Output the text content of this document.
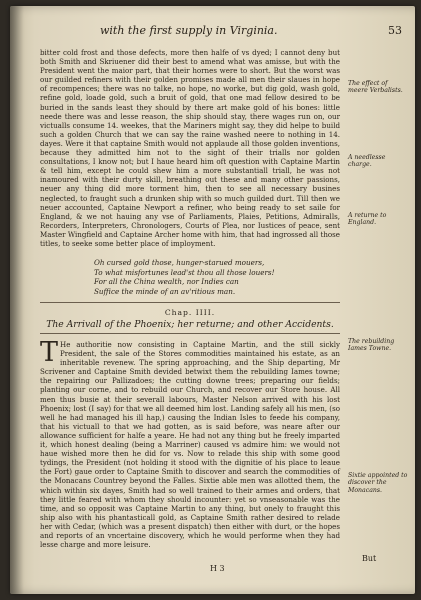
with the first supply in Virginia.	53

bitter cold frost and those defects, more then halfe of vs dyed; I cannot deny but both Smith and Skriuener did their best to amend what was amisse, but with the President went the maior part, that their hornes were to short. But the worst was our guilded refiners with their golden promises made all men their slaues in hope of recompences; there was no talke, no hope, no worke, but dig gold, wash gold, refine gold, loade gold, such a bruit of gold, that one mad fellow desired to be buried in the sands least they should by there art make gold of his bones: little neede there was and lesse reason, the ship should stay, there wages run on, our victualls consume 14. weekes, that the Mariners might say, they did helpe to build such a golden Church that we can say the raine washed neere to nothing in 14. dayes. Were it that captaine Smith would not applaude all those golden inventions, because they admitted him not to the sight of their trialls nor golden consultations, I know not; but I haue heard him oft question with Captaine Martin & tell him, except he could shew him a more substantiall triall, he was not inamoured with their durty skill, breathing out these and many other passions, neuer any thing did more torment him, then to see all necessary busines neglected, to fraught such a drunken ship with so much guilded durt. Till then we neuer accounted, Captaine Newport a refiner, who being ready to set saile for England, & we not hauing any vse of Parliaments, Plaies, Petitions, Admiralls, Recorders, Interpreters, Chronologers, Courts of Plea, nor Iustices of peace, sent Master Wingfield and Captaine Archer home with him, that had ingrossed all those titles, to seeke some better place of imployment.

Oh cursed gold those, hunger-starued mouers,
To what misfortunes lead'st thou all those louers!
For all the China wealth, nor Indies can
Suffice the minde of an av'ritious man.
Chap. IIII.
The Arrivall of the Phoenix; her returne; and other Accidents.
T He authoritie now consisting in Captaine Martin, and the still sickly President, the sale of the Stores commodities maintained his estate, as an inheritable revenew. The spring approaching, and the Ship departing, Mr Scrivener and Captaine Smith devided betwixt them the rebuilding Iames towne; the repairing our Pallizadoes; the cutting downe trees; preparing our fields; planting our corne, and to rebuild our Church, and recover our Store house. All men thus busie at their severall labours, Master Nelson arrived with his lost Phoenix; lost (I say) for that we all deemed him lost. Landing safely all his men, (so well he had managed his ill hap,) causing the Indian Isles to feede his company, that his victuall to that we had gotten, as is said before, was neare after our allowance sufficient for halfe a yeare. He had not any thing but he freely imparted it, which honest dealing (being a Marriner) caused vs admire him: we would not haue wished more then he did for vs. Now to relade this ship with some good tydings, the President (not holding it stood with the dignitie of his place to leaue the Fort) gaue order to Captaine Smith to discover and search the commodities of the Monacans Countrey beyond the Falles. Sixtie able men was allotted them, the which within six dayes, Smith had so well trained to their armes and orders, that they little feared with whom they should incounter: yet so vnseasonable was the time, and so opposit was Captaine Martin to any thing, but onely to fraught this ship also with his phantasticall gold, as Captaine Smith rather desired to relade her with Cedar, (which was a present dispatch) then either with durt, or the hopes and reports of an vncertaine discovery, which he would performe when they had lesse charge and more leisure.
The effect of meere Verbalists.
A needlesse charge.
A returne to England.
The rebuilding Iames Towne.
Sixtie appointed to discover the Monacans.
But
H 3
